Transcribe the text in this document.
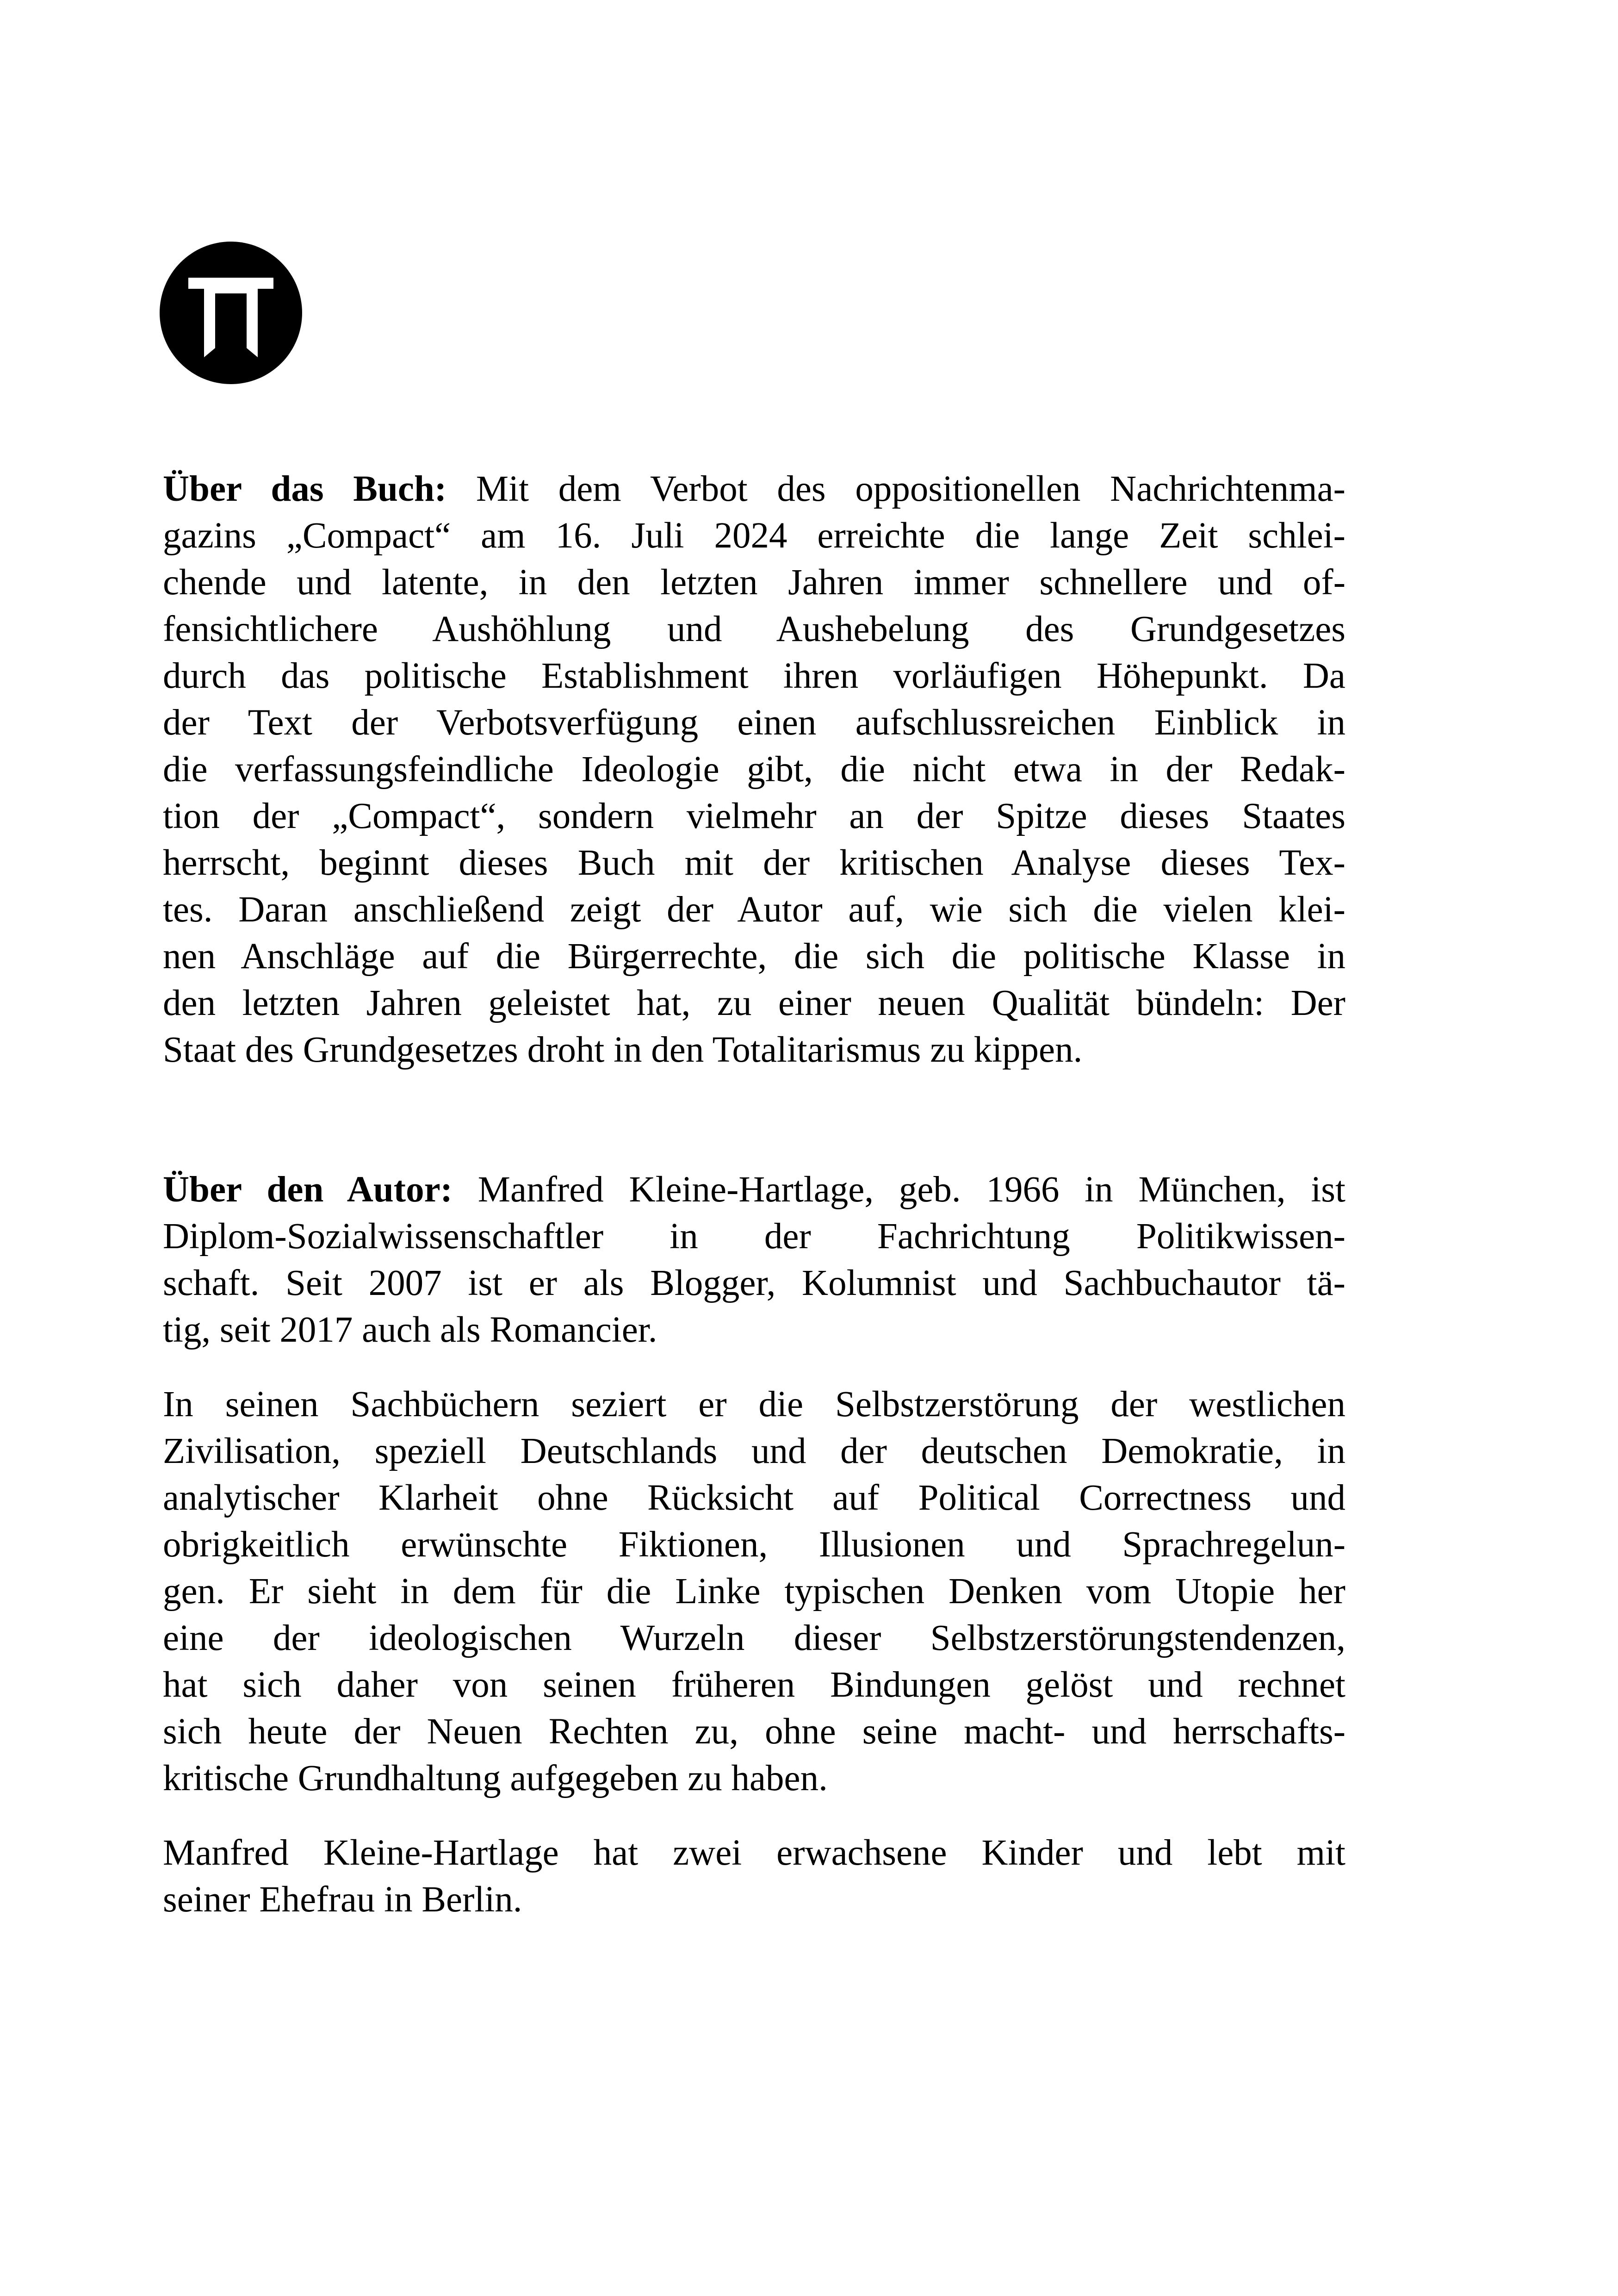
Über das Buch: Mit dem Verbot des oppositionellen Nachrichtenma-
gazins „Compact“ am 16. Juli 2024 erreichte die lange Zeit schlei-
chende und latente, in den letzten Jahren immer schnellere und of-
fensichtlichere Aushöhlung und Aushebelung des Grundgesetzes
durch das politische Establishment ihren vorläufigen Höhepunkt. Da
der Text der Verbotsverfügung einen aufschlussreichen Einblick in
die verfassungsfeindliche Ideologie gibt, die nicht etwa in der Redak-
tion der „Compact“, sondern vielmehr an der Spitze dieses Staates
herrscht, beginnt dieses Buch mit der kritischen Analyse dieses Tex-
tes. Daran anschließend zeigt der Autor auf, wie sich die vielen klei-
nen Anschläge auf die Bürgerrechte, die sich die politische Klasse in
den letzten Jahren geleistet hat, zu einer neuen Qualität bündeln: Der
Staat des Grundgesetzes droht in den Totalitarismus zu kippen.

Über den Autor: Manfred Kleine-Hartlage, geb. 1966 in München, ist
Diplom-Sozialwissenschaftler in der Fachrichtung Politikwissen-
schaft. Seit 2007 ist er als Blogger, Kolumnist und Sachbuchautor tä-
tig, seit 2017 auch als Romancier.

In seinen Sachbüchern seziert er die Selbstzerstörung der westlichen
Zivilisation, speziell Deutschlands und der deutschen Demokratie, in
analytischer Klarheit ohne Rücksicht auf Political Correctness und
obrigkeitlich erwünschte Fiktionen, Illusionen und Sprachregelun-
gen. Er sieht in dem für die Linke typischen Denken vom Utopie her
eine der ideologischen Wurzeln dieser Selbstzerstörungstendenzen,
hat sich daher von seinen früheren Bindungen gelöst und rechnet
sich heute der Neuen Rechten zu, ohne seine macht- und herrschafts-
kritische Grundhaltung aufgegeben zu haben.

Manfred Kleine-Hartlage hat zwei erwachsene Kinder und lebt mit
seiner Ehefrau in Berlin.
